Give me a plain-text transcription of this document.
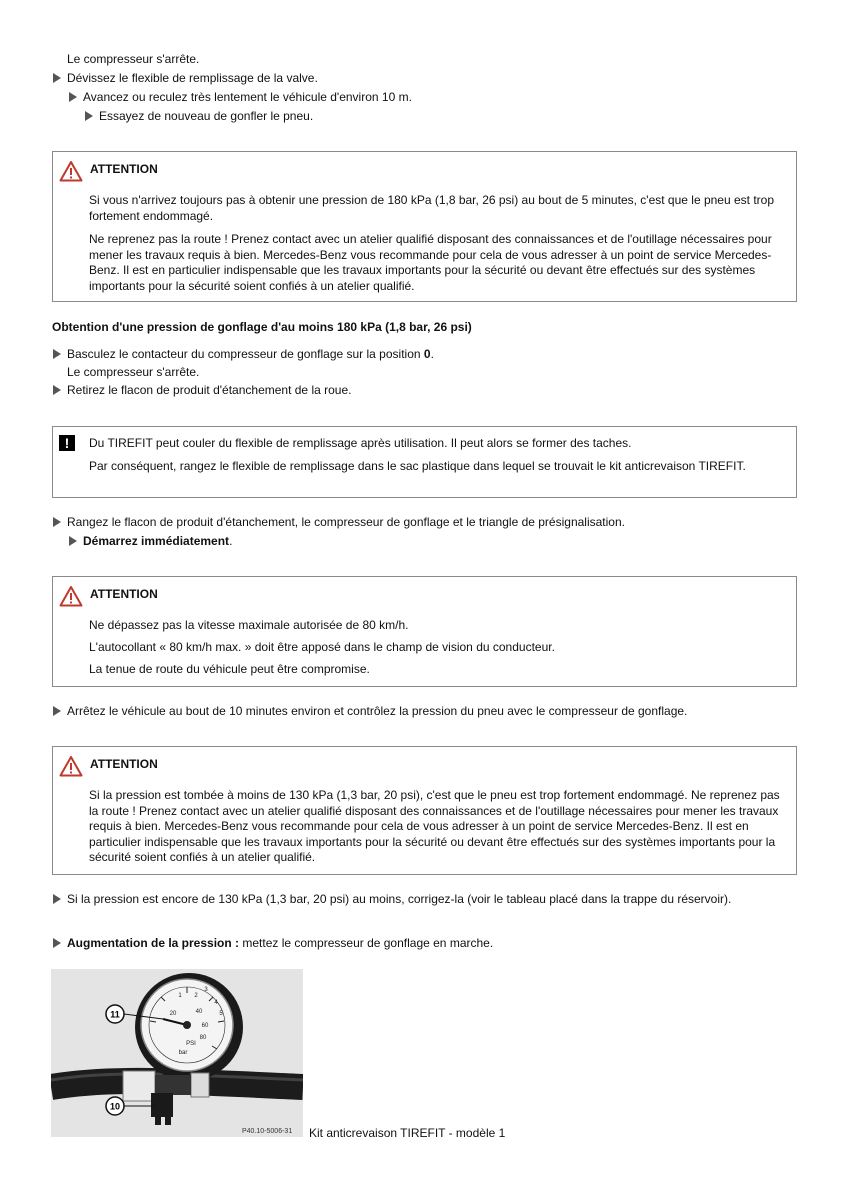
Le compresseur s'arrête.
Dévissez le flexible de remplissage de la valve.
Avancez ou reculez très lentement le véhicule d'environ 10 m.
Essayez de nouveau de gonfler le pneu.
ATTENTION

Si vous n'arrivez toujours pas à obtenir une pression de 180 kPa (1,8 bar, 26 psi) au bout de 5 minutes, c'est que le pneu est trop fortement endommagé.

Ne reprenez pas la route ! Prenez contact avec un atelier qualifié disposant des connaissances et de l'outillage nécessaires pour mener les travaux requis à bien. Mercedes-Benz vous recommande pour cela de vous adresser à un point de service Mercedes-Benz. Il est en particulier indispensable que les travaux importants pour la sécurité ou devant être effectués sur des systèmes importants pour la sécurité soient confiés à un atelier qualifié.

Obtention d'une pression de gonflage d'au moins 180 kPa (1,8 bar, 26 psi)
Basculez le contacteur du compresseur de gonflage sur la position 0.
Le compresseur s'arrête.
Retirez le flacon de produit d'étanchement de la roue.
!	Du TIREFIT peut couler du flexible de remplissage après utilisation. Il peut alors se former des taches.

Par conséquent, rangez le flexible de remplissage dans le sac plastique dans lequel se trouvait le kit anticrevaison TIREFIT.

Rangez le flacon de produit d'étanchement, le compresseur de gonflage et le triangle de présignalisation.
Démarrez immédiatement.
ATTENTION

Ne dépassez pas la vitesse maximale autorisée de 80 km/h.

L'autocollant « 80 km/h max. » doit être apposé dans le champ de vision du conducteur.

La tenue de route du véhicule peut être compromise.

Arrêtez le véhicule au bout de 10 minutes environ et contrôlez la pression du pneu avec le compresseur de gonflage.
ATTENTION

Si la pression est tombée à moins de 130 kPa (1,3 bar, 20 psi), c'est que le pneu est trop fortement endommagé. Ne reprenez pas la route ! Prenez contact avec un atelier qualifié disposant des connaissances et de l'outillage nécessaires pour mener les travaux requis à bien. Mercedes-Benz vous recommande pour cela de vous adresser à un point de service Mercedes-Benz. Il est en particulier indispensable que les travaux importants pour la sécurité ou devant être effectués sur des systèmes importants pour la sécurité soient confiés à un atelier qualifié.

Si la pression est encore de 130 kPa (1,3 bar, 20 psi) au moins, corrigez-la (voir le tableau placé dans la trappe du réservoir).
Augmentation de la pression : mettez le compresseur de gonflage en marche.
11
10
1 2
3
4
5
20	40
60
80
PSI
bar
P40.10-5006-31 Kit anticrevaison TIREFIT - modèle 1
